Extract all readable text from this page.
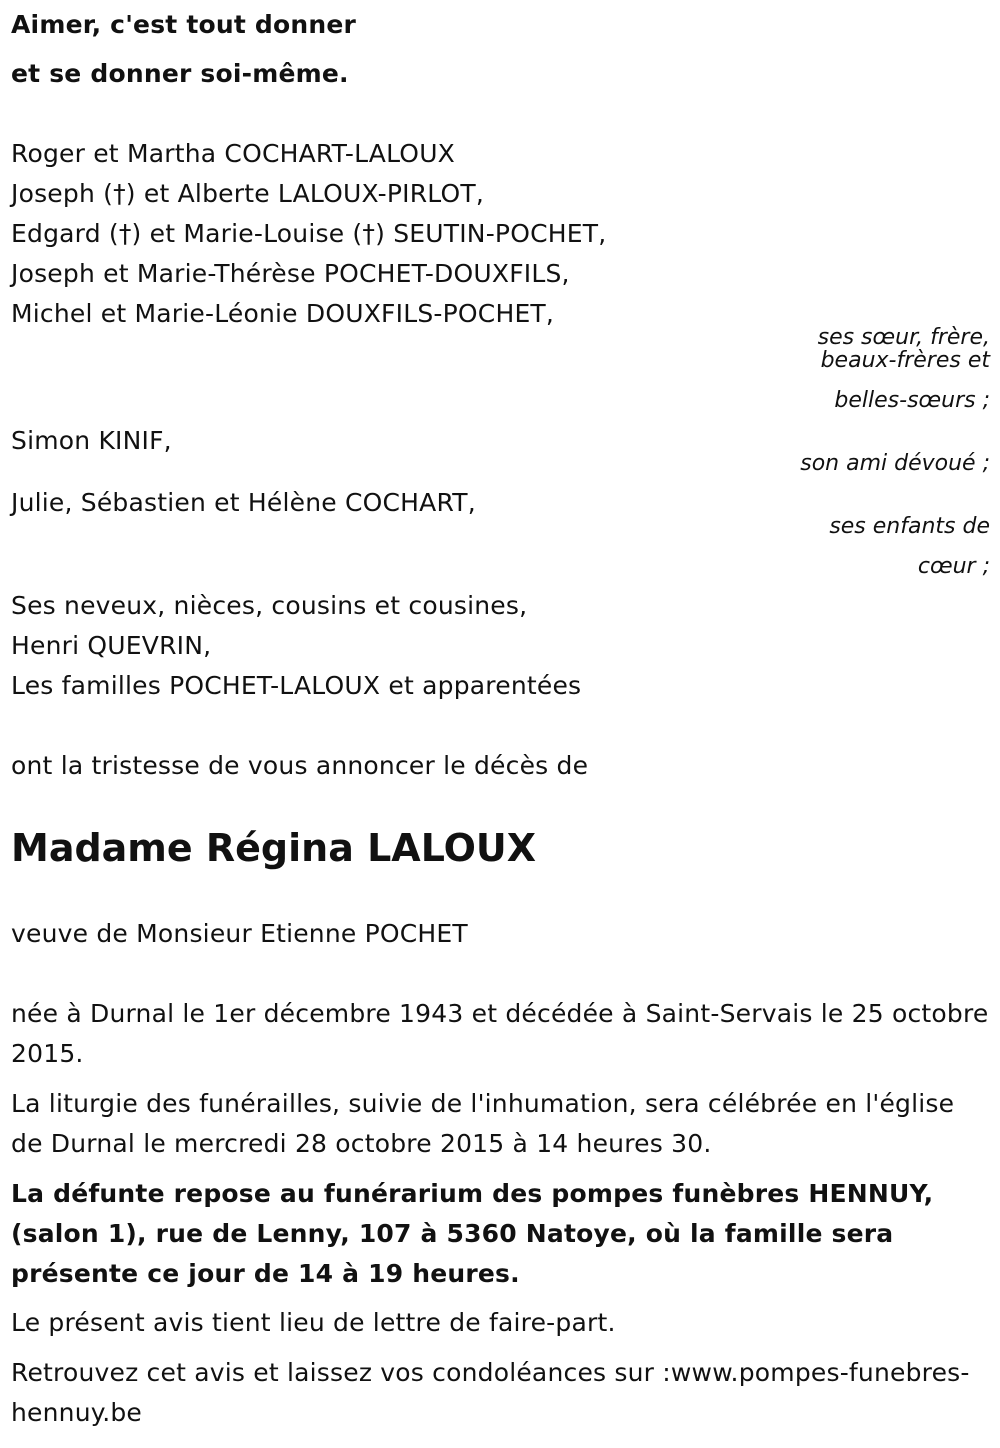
Aimer, c'est tout donner
et se donner soi-même.
Roger et Martha COCHART-LALOUX
Joseph (†) et Alberte LALOUX-PIRLOT,
Edgard (†) et Marie-Louise (†) SEUTIN-POCHET,
Joseph et Marie-Thérèse POCHET-DOUXFILS,
Michel et Marie-Léonie DOUXFILS-POCHET,
ses sœur, frère,
beaux-frères et
belles-sœurs ;
Simon KINIF,
son ami dévoué ;
Julie, Sébastien et Hélène COCHART,
ses enfants de
cœur ;
Ses neveux, nièces, cousins et cousines,
Henri QUEVRIN,
Les familles POCHET-LALOUX et apparentées
ont la tristesse de vous annoncer le décès de
Madame Régina LALOUX
veuve de Monsieur Etienne POCHET
née à Durnal le 1er décembre 1943 et décédée à Saint-Servais le 25 octobre 2015.
La liturgie des funérailles, suivie de l'inhumation, sera célébrée en l'église de Durnal le mercredi 28 octobre 2015 à 14 heures 30.
La défunte repose au funérarium des pompes funèbres HENNUY, (salon 1), rue de Lenny, 107 à 5360 Natoye, où la famille sera présente ce jour de 14 à 19 heures.
Le présent avis tient lieu de lettre de faire-part.
Retrouvez cet avis et laissez vos condoléances sur :www.pompes-funebres-hennuy.be
